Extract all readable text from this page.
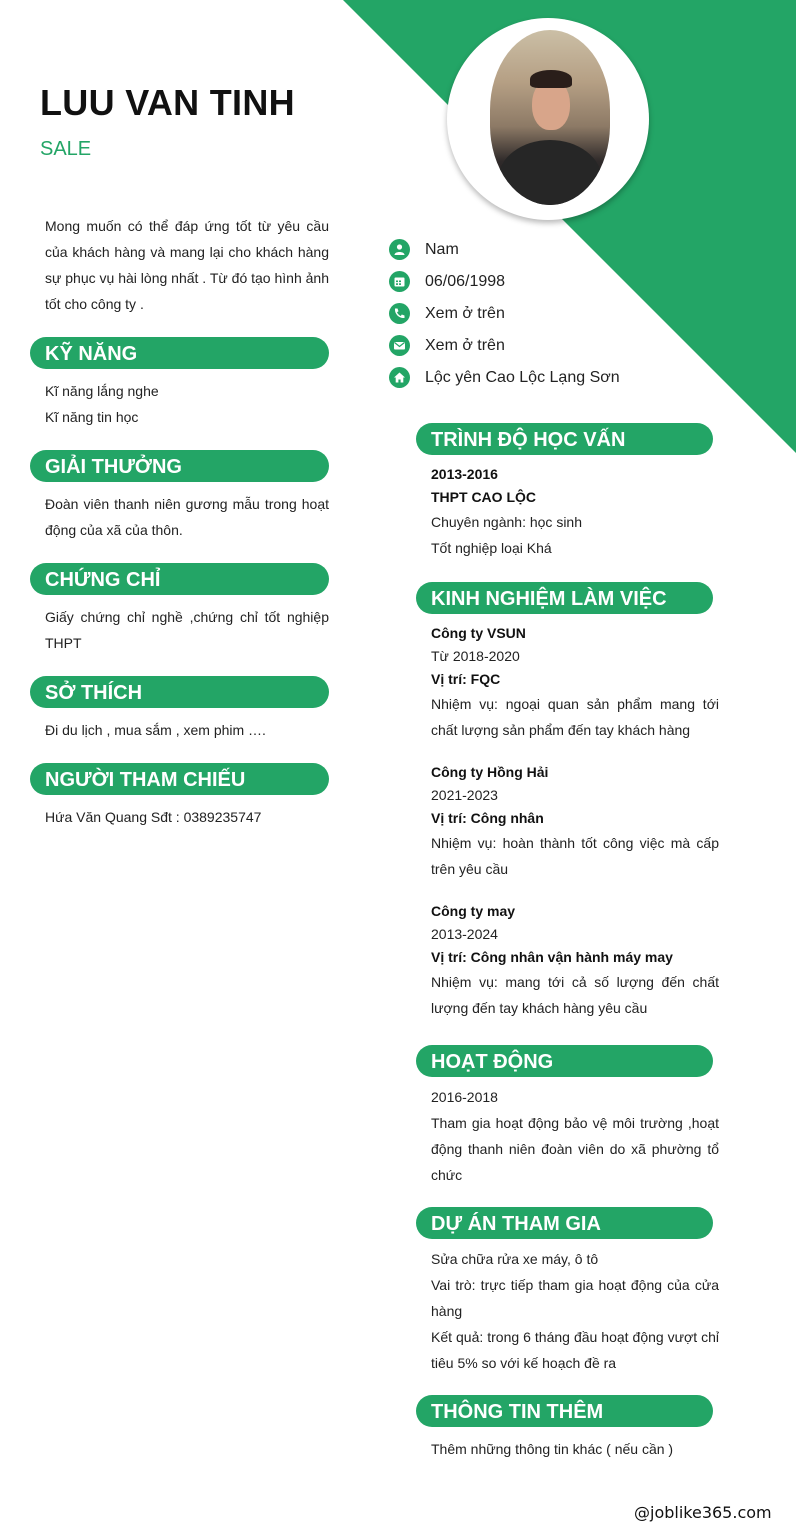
LUU VAN TINH
SALE
Mong muốn có thể đáp ứng tốt từ yêu cầu của khách hàng và mang lại cho khách hàng sự phục vụ hài lòng nhất . Từ đó tạo hình ảnh tốt cho công ty .
Nam
06/06/1998
Xem ở trên
Xem ở trên
Lộc yên Cao Lộc Lạng Sơn
KỸ NĂNG
Kĩ năng lắng nghe
Kĩ năng tin học
GIẢI THƯỞNG
Đoàn viên thanh niên gương mẫu trong hoạt động của xã của thôn.
CHỨNG CHỈ
Giấy chứng chỉ nghề ,chứng chỉ tốt nghiệp THPT
SỞ THÍCH
Đi du lịch , mua sắm , xem phim ….
NGƯỜI THAM CHIẾU
Hứa Văn Quang Sđt : 0389235747
TRÌNH ĐỘ HỌC VẤN
2013-2016
THPT CAO LỘC
Chuyên ngành: học sinh
Tốt nghiệp loại Khá
KINH NGHIỆM LÀM VIỆC
Công ty VSUN
Từ 2018-2020
Vị trí: FQC
Nhiệm vụ: ngoại quan sản phẩm mang tới chất lượng sản phẩm đến tay khách hàng
Công ty Hồng Hải
2021-2023
Vị trí: Công nhân
Nhiệm vụ: hoàn thành tốt công việc mà cấp trên yêu cầu
Công ty may
2013-2024
Vị trí: Công nhân vận hành máy may
Nhiệm vụ: mang tới cả số lượng đến chất lượng đến tay khách hàng yêu cầu
HOẠT ĐỘNG
2016-2018
Tham gia hoạt động bảo vệ môi trường ,hoạt động thanh niên đoàn viên do xã phường tổ chức
DỰ ÁN THAM GIA
Sửa chữa rửa xe máy, ô tô
Vai trò: trực tiếp tham gia hoạt động của cửa hàng
Kết quả: trong 6 tháng đầu hoạt động vượt chỉ tiêu 5% so với kế hoạch đề ra
THÔNG TIN THÊM
Thêm những thông tin khác ( nếu cần )
@joblike365.com
